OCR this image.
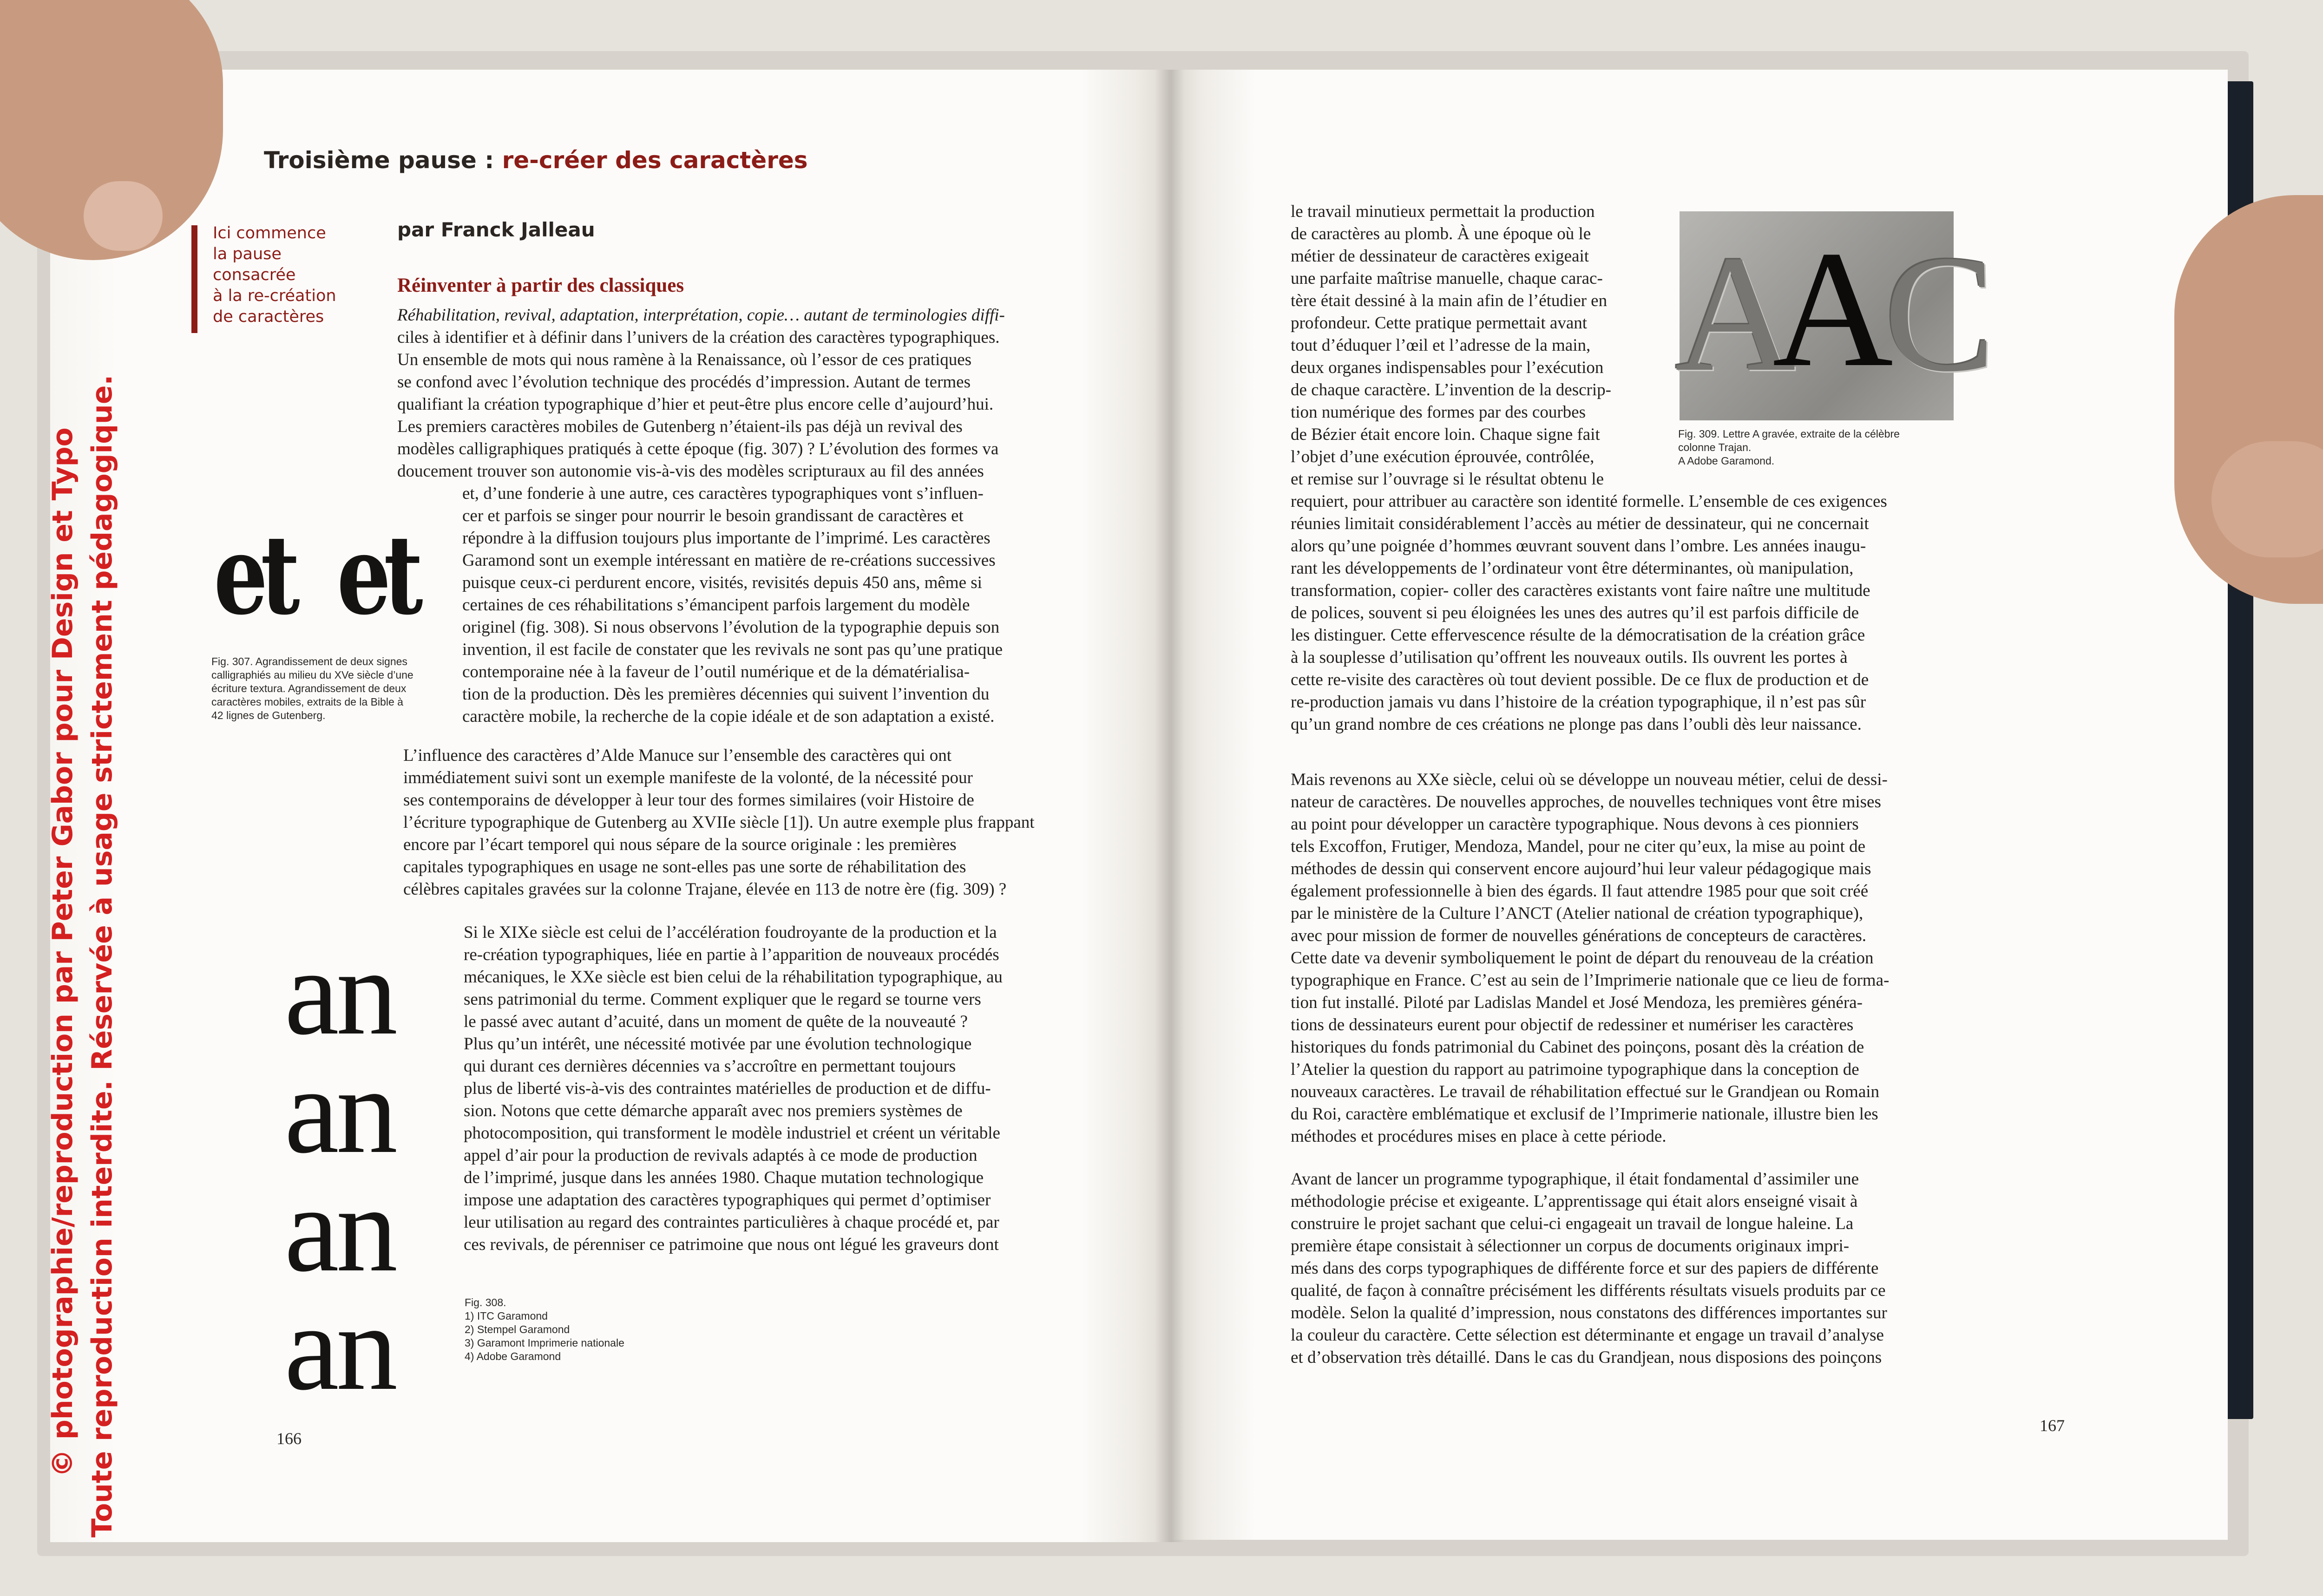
Troisième pause : re-créer des caractères
Ici commence
la pause
consacrée
à la re-création
de caractères
par Franck Jalleau
Réinventer à partir des classiques
Réhabilitation, revival, adaptation, interprétation, copie… autant de terminologies diffi-
ciles à identifier et à définir dans l’univers de la création des caractères typographiques.
Un ensemble de mots qui nous ramène à la Renaissance, où l’essor de ces pratiques
se confond avec l’évolution technique des procédés d’impression. Autant de termes
qualifiant la création typographique d’hier et peut-être plus encore celle d’aujourd’hui.
Les premiers caractères mobiles de Gutenberg n’étaient-ils pas déjà un revival des
modèles calligraphiques pratiqués à cette époque (fig. 307) ? L’évolution des formes va
doucement trouver son autonomie vis-à-vis des modèles scripturaux au fil des années
et, d’une fonderie à une autre, ces caractères typographiques vont s’influen-
cer et parfois se singer pour nourrir le besoin grandissant de caractères et
répondre à la diffusion toujours plus importante de l’imprimé. Les caractères
Garamond sont un exemple intéressant en matière de re-créations successives
puisque ceux-ci perdurent encore, visités, revisités depuis 450 ans, même si
certaines de ces réhabilitations s’émancipent parfois largement du modèle
originel (fig. 308). Si nous observons l’évolution de la typographie depuis son
invention, il est facile de constater que les revivals ne sont pas qu’une pratique
contemporaine née à la faveur de l’outil numérique et de la dématérialisa-
tion de la production. Dès les premières décennies qui suivent l’invention du
caractère mobile, la recherche de la copie idéale et de son adaptation a existé.
et et
Fig. 307. Agrandissement de deux signes
calligraphiés au milieu du XVe siècle d’une
écriture textura. Agrandissement de deux
caractères mobiles, extraits de la Bible à
42 lignes de Gutenberg.
L’influence des caractères d’Alde Manuce sur l’ensemble des caractères qui ont
immédiatement suivi sont un exemple manifeste de la volonté, de la nécessité pour
ses contemporains de développer à leur tour des formes similaires (voir Histoire de
l’écriture typographique de Gutenberg au XVIIe siècle [1]). Un autre exemple plus frappant
encore par l’écart temporel qui nous sépare de la source originale : les premières
capitales typographiques en usage ne sont-elles pas une sorte de réhabilitation des
célèbres capitales gravées sur la colonne Trajane, élevée en 113 de notre ère (fig. 309) ?
an
an
an
an
Si le XIXe siècle est celui de l’accélération foudroyante de la production et la
re-création typographiques, liée en partie à l’apparition de nouveaux procédés
mécaniques, le XXe siècle est bien celui de la réhabilitation typographique, au
sens patrimonial du terme. Comment expliquer que le regard se tourne vers
le passé avec autant d’acuité, dans un moment de quête de la nouveauté ?
Plus qu’un intérêt, une nécessité motivée par une évolution technologique
qui durant ces dernières décennies va s’accroître en permettant toujours
plus de liberté vis-à-vis des contraintes matérielles de production et de diffu-
sion. Notons que cette démarche apparaît avec nos premiers systèmes de
photocomposition, qui transforment le modèle industriel et créent un véritable
appel d’air pour la production de revivals adaptés à ce mode de production
de l’imprimé, jusque dans les années 1980. Chaque mutation technologique
impose une adaptation des caractères typographiques qui permet d’optimiser
leur utilisation au regard des contraintes particulières à chaque procédé et, par
ces revivals, de pérenniser ce patrimoine que nous ont légué les graveurs dont
Fig. 308.
1) ITC Garamond
2) Stempel Garamond
3) Garamont Imprimerie nationale
4) Adobe Garamond
166
le travail minutieux permettait la production
de caractères au plomb. À une époque où le
métier de dessinateur de caractères exigeait
une parfaite maîtrise manuelle, chaque carac-
tère était dessiné à la main afin de l’étudier en
profondeur. Cette pratique permettait avant
tout d’éduquer l’œil et l’adresse de la main,
deux organes indispensables pour l’exécution
de chaque caractère. L’invention de la descrip-
tion numérique des formes par des courbes
de Bézier était encore loin. Chaque signe fait
l’objet d’une exécution éprouvée, contrôlée,
et remise sur l’ouvrage si le résultat obtenu le
A
A
C
Fig. 309. Lettre A gravée, extraite de la célèbre
colonne Trajan.
A Adobe Garamond.
requiert, pour attribuer au caractère son identité formelle. L’ensemble de ces exigences
réunies limitait considérablement l’accès au métier de dessinateur, qui ne concernait
alors qu’une poignée d’hommes œuvrant souvent dans l’ombre. Les années inaugu-
rant les développements de l’ordinateur vont être déterminantes, où manipulation,
transformation, copier- coller des caractères existants vont faire naître une multitude
de polices, souvent si peu éloignées les unes des autres qu’il est parfois difficile de
les distinguer. Cette effervescence résulte de la démocratisation de la création grâce
à la souplesse d’utilisation qu’offrent les nouveaux outils. Ils ouvrent les portes à
cette re-visite des caractères où tout devient possible. De ce flux de production et de
re-production jamais vu dans l’histoire de la création typographique, il n’est pas sûr
qu’un grand nombre de ces créations ne plonge pas dans l’oubli dès leur naissance.
Mais revenons au XXe siècle, celui où se développe un nouveau métier, celui de dessi-
nateur de caractères. De nouvelles approches, de nouvelles techniques vont être mises
au point pour développer un caractère typographique. Nous devons à ces pionniers
tels Excoffon, Frutiger, Mendoza, Mandel, pour ne citer qu’eux, la mise au point de
méthodes de dessin qui conservent encore aujourd’hui leur valeur pédagogique mais
également professionnelle à bien des égards. Il faut attendre 1985 pour que soit créé
par le ministère de la Culture l’ANCT (Atelier national de création typographique),
avec pour mission de former de nouvelles générations de concepteurs de caractères.
Cette date va devenir symboliquement le point de départ du renouveau de la création
typographique en France. C’est au sein de l’Imprimerie nationale que ce lieu de forma-
tion fut installé. Piloté par Ladislas Mandel et José Mendoza, les premières généra-
tions de dessinateurs eurent pour objectif de redessiner et numériser les caractères
historiques du fonds patrimonial du Cabinet des poinçons, posant dès la création de
l’Atelier la question du rapport au patrimoine typographique dans la conception de
nouveaux caractères. Le travail de réhabilitation effectué sur le Grandjean ou Romain
du Roi, caractère emblématique et exclusif de l’Imprimerie nationale, illustre bien les
méthodes et procédures mises en place à cette période.
Avant de lancer un programme typographique, il était fondamental d’assimiler une
méthodologie précise et exigeante. L’apprentissage qui était alors enseigné visait à
construire le projet sachant que celui-ci engageait un travail de longue haleine. La
première étape consistait à sélectionner un corpus de documents originaux impri-
més dans des corps typographiques de différente force et sur des papiers de différente
qualité, de façon à connaître précisément les différents résultats visuels produits par ce
modèle. Selon la qualité d’impression, nous constatons des différences importantes sur
la couleur du caractère. Cette sélection est déterminante et engage un travail d’analyse
et d’observation très détaillé. Dans le cas du Grandjean, nous disposions des poinçons
167
© photographie/reproduction par Peter Gabor pour Design et Typo Toute reproduction interdite. Réservée à usage strictement pédagogique.
